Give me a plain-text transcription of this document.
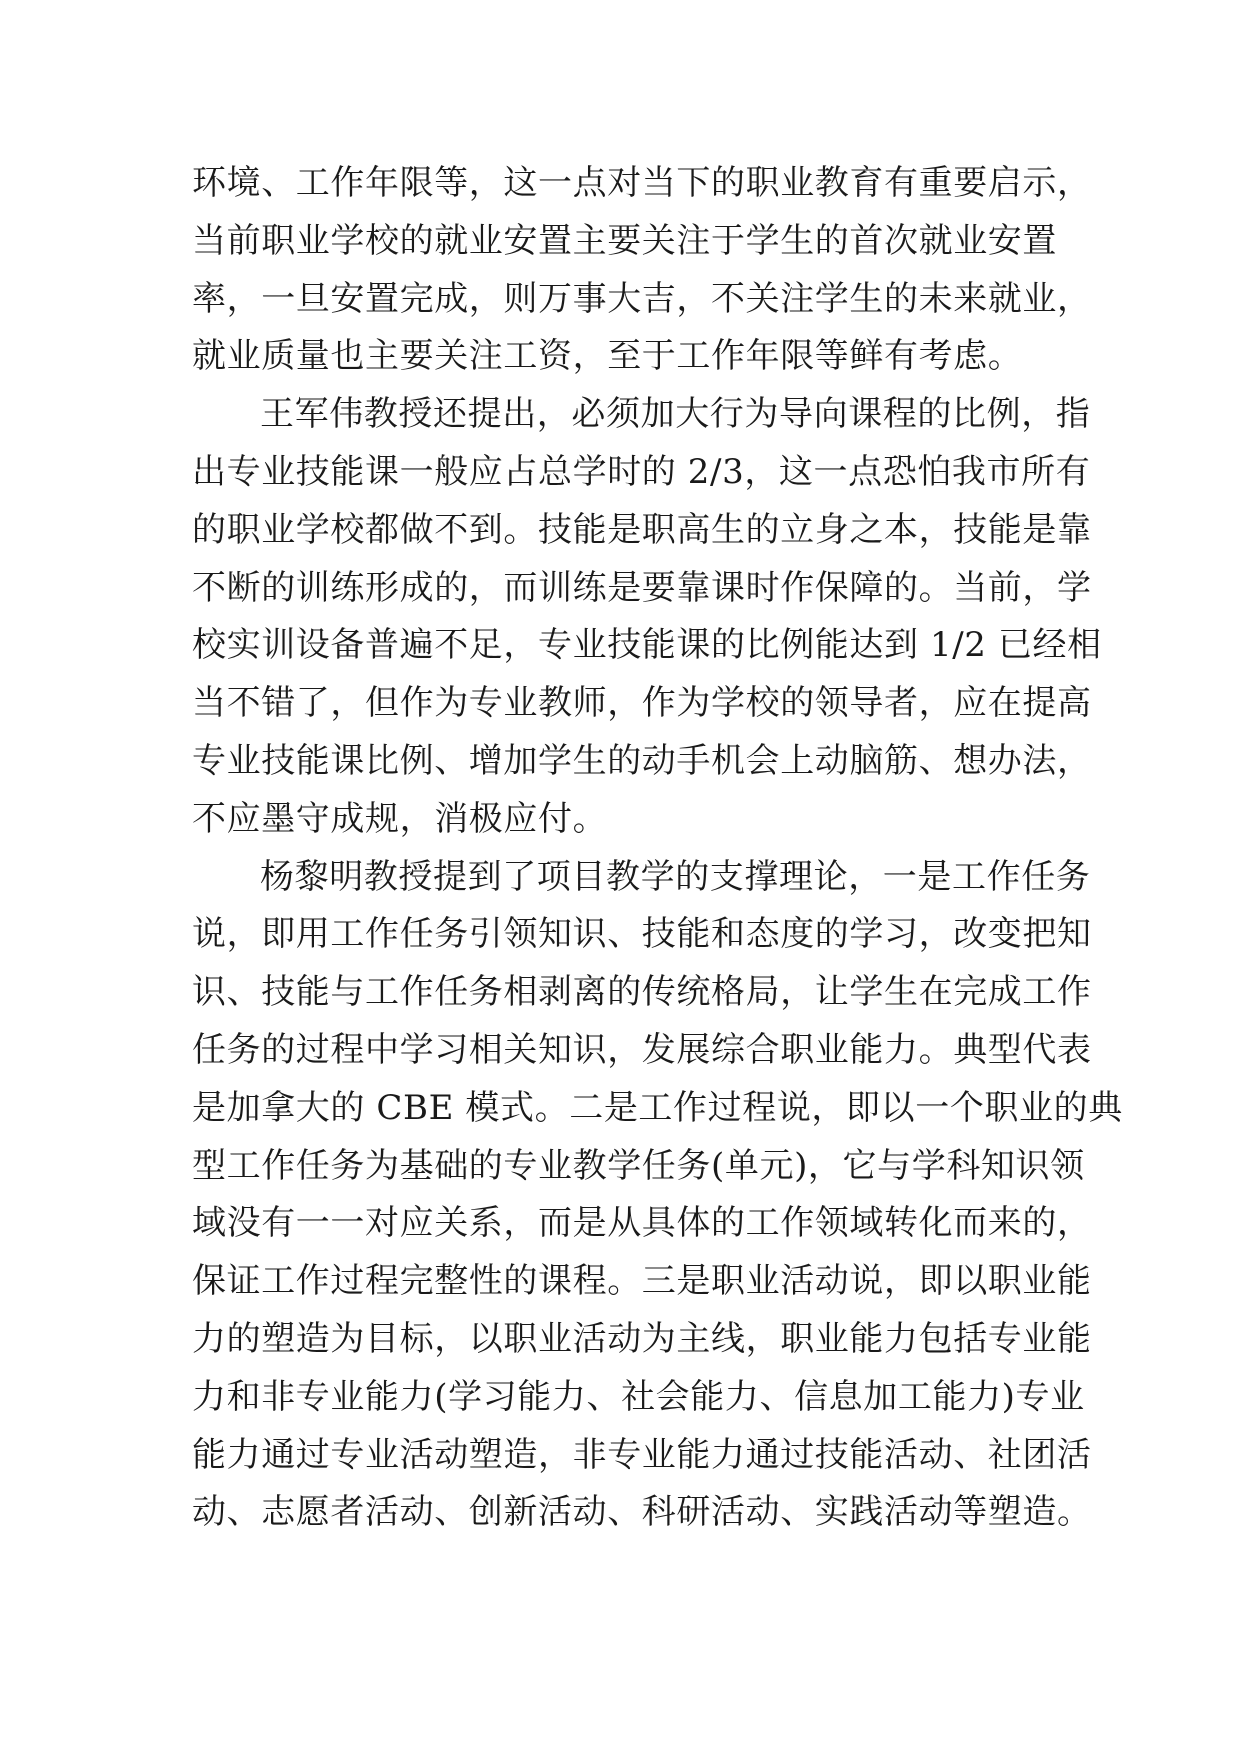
环境、工作年限等，这一点对当下的职业教育有重要启示，
当前职业学校的就业安置主要关注于学生的首次就业安置
率，一旦安置完成，则万事大吉，不关注学生的未来就业，
就业质量也主要关注工资，至于工作年限等鲜有考虑。
王军伟教授还提出，必须加大行为导向课程的比例，指
出专业技能课一般应占总学时的 2/3，这一点恐怕我市所有
的职业学校都做不到。技能是职高生的立身之本，技能是靠
不断的训练形成的，而训练是要靠课时作保障的。当前，学
校实训设备普遍不足，专业技能课的比例能达到 1/2 已经相
当不错了，但作为专业教师，作为学校的领导者，应在提高
专业技能课比例、增加学生的动手机会上动脑筋、想办法，
不应墨守成规，消极应付。
杨黎明教授提到了项目教学的支撑理论，一是工作任务
说，即用工作任务引领知识、技能和态度的学习，改变把知
识、技能与工作任务相剥离的传统格局，让学生在完成工作
任务的过程中学习相关知识，发展综合职业能力。典型代表
是加拿大的 CBE 模式。二是工作过程说，即以一个职业的典
型工作任务为基础的专业教学任务(单元)，它与学科知识领
域没有一一对应关系，而是从具体的工作领域转化而来的，
保证工作过程完整性的课程。三是职业活动说，即以职业能
力的塑造为目标，以职业活动为主线，职业能力包括专业能
力和非专业能力(学习能力、社会能力、信息加工能力)专业
能力通过专业活动塑造，非专业能力通过技能活动、社团活
动、志愿者活动、创新活动、科研活动、实践活动等塑造。
